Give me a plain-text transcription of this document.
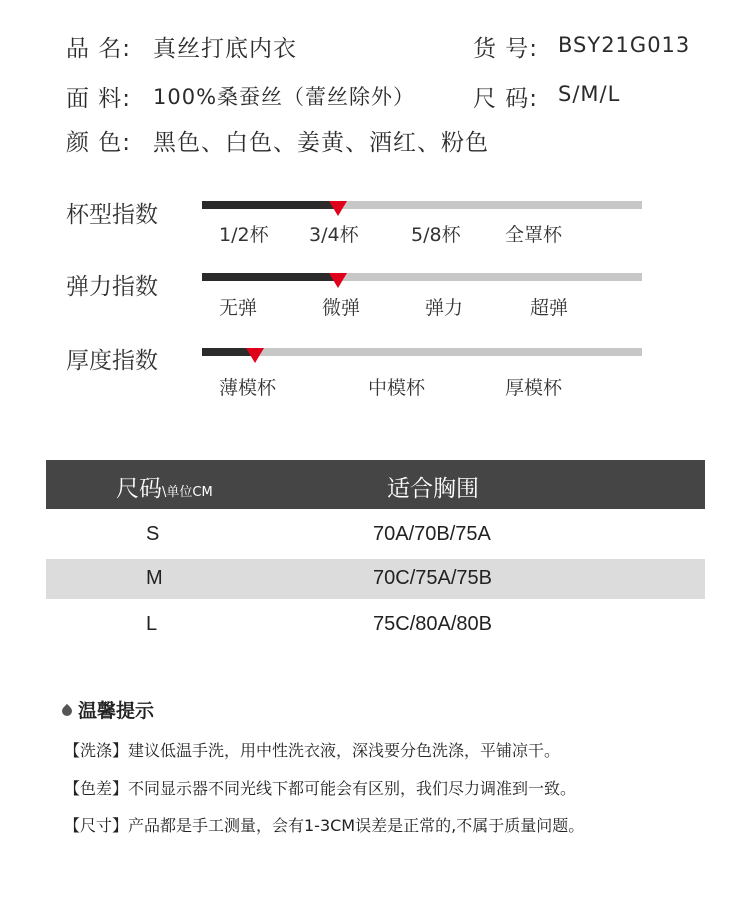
品 名: 真丝打底内衣	货 号: BSY21G013
面 料: 100%桑蚕丝（蕾丝除外）	尺 码: S/M/L
颜 色: 黑色、白色、姜黄、酒红、粉色
杯型指数
1/2杯 3/4杯	5/8杯 全罩杯
弹力指数
无弹	微弹	弹力	超弹
厚度指数
薄模杯	中模杯	厚模杯
尺码\单位CM	适合胸围
S	70A/70B/75A
M	70C/75A/75B
L	75C/80A/80B
温馨提示
【洗涤】建议低温手洗，用中性洗衣液，深浅要分色洗涤，平铺凉干。
【色差】不同显示器不同光线下都可能会有区别，我们尽力调准到一致。
【尺寸】产品都是手工测量，会有1-3CM误差是正常的,不属于质量问题。
